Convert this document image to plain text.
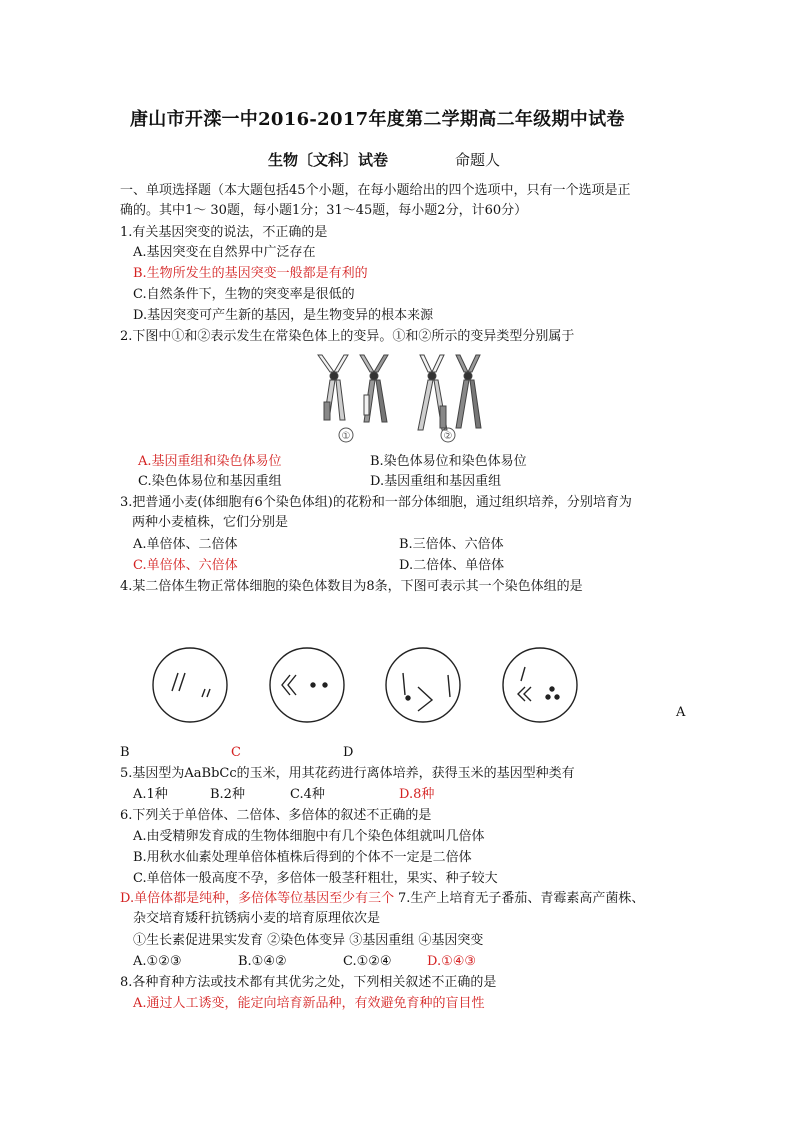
唐山市开滦一中2016-2017年度第二学期高二年级期中试卷
生物〔文科〕试卷	命题人
一、单项选择题（本大题包括45个小题，在每小题给出的四个选项中，只有一个选项是正
确的。其中1～ 30题，每小题1分；31～45题，每小题2分，计60分）
1.有关基因突变的说法，不正确的是
A.基因突变在自然界中广泛存在
B.生物所发生的基因突变一般都是有利的
C.自然条件下，生物的突变率是很低的
D.基因突变可产生新的基因，是生物变异的根本来源
2.下图中①和②表示发生在常染色体上的变异。①和②所示的变异类型分别属于
①	②
A.基因重组和染色体易位	B.染色体易位和染色体易位
C.染色体易位和基因重组	D.基因重组和基因重组
3.把普通小麦(体细胞有6个染色体组)的花粉和一部分体细胞，通过组织培养，分别培育为
两种小麦植株，它们分别是
A.单倍体、二倍体	B.三倍体、六倍体
C.单倍体、六倍体	D.二倍体、单倍体
4.某二倍体生物正常体细胞的染色体数目为8条，下图可表示其一个染色体组的是
A
B	C	D
5.基因型为AaBbCc的玉米，用其花药进行离体培养，获得玉米的基因型种类有
A.1种	B.2种	C.4种	D.8种
6.下列关于单倍体、二倍体、多倍体的叙述不正确的是
A.由受精卵发育成的生物体细胞中有几个染色体组就叫几倍体
B.用秋水仙素处理单倍体植株后得到的个体不一定是二倍体
C.单倍体一般高度不孕，多倍体一般茎秆粗壮，果实、种子较大
D.单倍体都是纯种，多倍体等位基因至少有三个 7.生产上培育无子番茄、青霉素高产菌株、
杂交培育矮秆抗锈病小麦的培育原理依次是
①生长素促进果实发育 ②染色体变异 ③基因重组 ④基因突变
A.①②③	B.①④②	C.①②④	D.①④③
8.各种育种方法或技术都有其优劣之处，下列相关叙述不正确的是
A.通过人工诱变，能定向培育新品种，有效避免育种的盲目性
